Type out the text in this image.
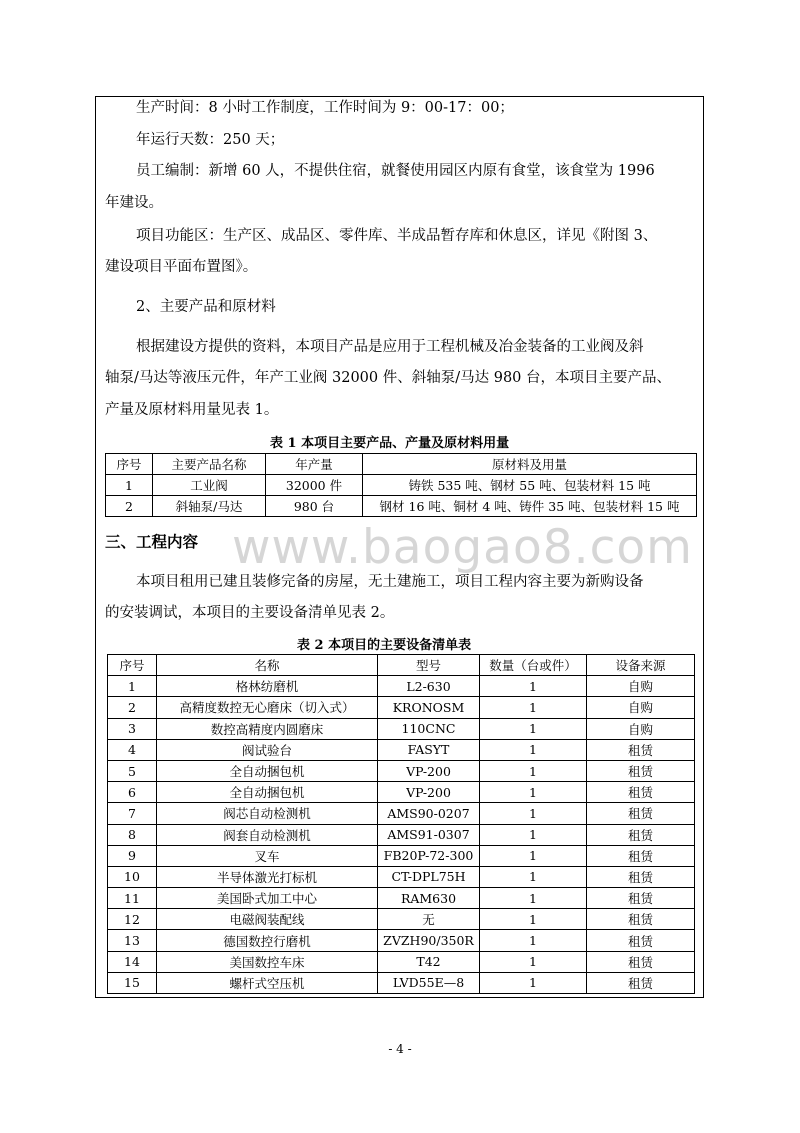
生产时间：8 小时工作制度，工作时间为 9：00-17：00；
年运行天数：250 天；
员工编制：新增 60 人，不提供住宿，就餐使用园区内原有食堂，该食堂为 1996
年建设。
项目功能区：生产区、成品区、零件库、半成品暂存库和休息区，详见《附图 3、
建设项目平面布置图》。
2、主要产品和原材料
根据建设方提供的资料，本项目产品是应用于工程机械及冶金装备的工业阀及斜
轴泵/马达等液压元件，年产工业阀 32000 件、斜轴泵/马达 980 台，本项目主要产品、
产量及原材料用量见表 1。
表 1 本项目主要产品、产量及原材料用量
序号	主要产品名称	年产量	原材料及用量
1	工业阀	32000 件	铸铁 535 吨、钢材 55 吨、包装材料 15 吨
2	斜轴泵/马达	980 台	钢材 16 吨、铜材 4 吨、铸件 35 吨、包装材料 15 吨
三、工程内容 www.baogao8.com
本项目租用已建且装修完备的房屋，无土建施工，项目工程内容主要为新购设备
的安装调试，本项目的主要设备清单见表 2。
表 2 本项目的主要设备清单表
序号	名称	型号	数量（台或件）	设备来源
1	格林纺磨机	L2-630	1	自购
2	高精度数控无心磨床（切入式）	KRONOSM	1	自购
3	数控高精度内圆磨床	110CNC	1	自购
4	阀试验台	FASYT	1	租赁
5	全自动捆包机	VP-200	1	租赁
6	全自动捆包机	VP-200	1	租赁
7	阀芯自动检测机	AMS90-0207	1	租赁
8	阀套自动检测机	AMS91-0307	1	租赁
9	叉车	FB20P-72-300	1	租赁
10	半导体激光打标机	CT-DPL75H	1	租赁
11	美国卧式加工中心	RAM630	1	租赁
12	电磁阀装配线	无	1	租赁
13	德国数控行磨机	ZVZH90/350R	1	租赁
14	美国数控车床	T42	1	租赁
15	螺杆式空压机	LVD55E—8	1	租赁
- 4 -
